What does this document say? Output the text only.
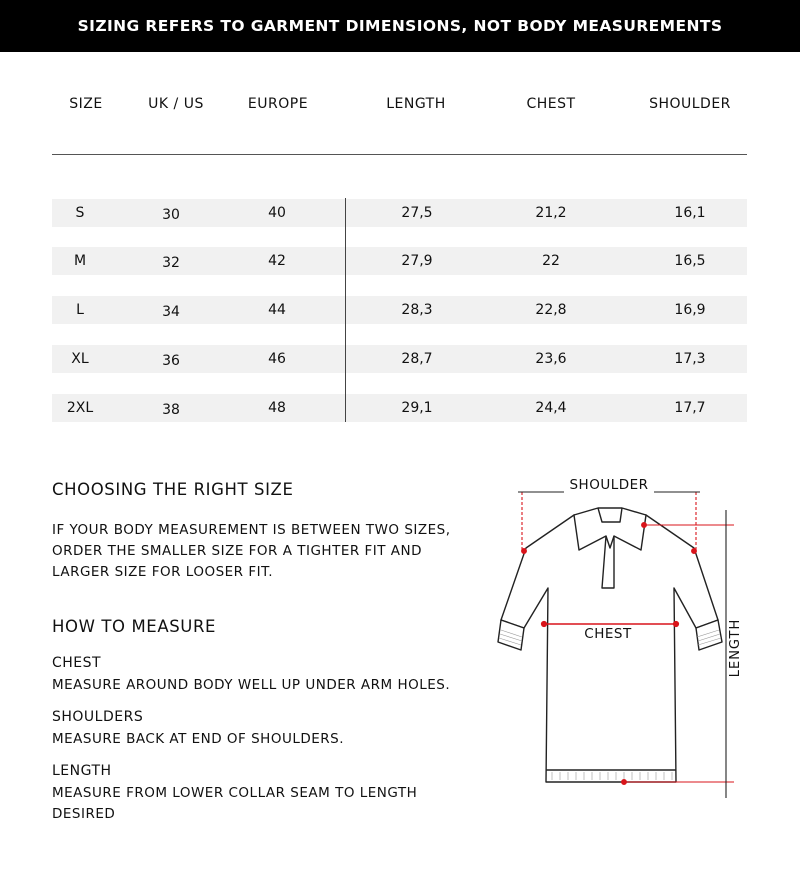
SIZING REFERS TO GARMENT DIMENSIONS, NOT BODY MEASUREMENTS
SIZE	UK / US	EUROPE	LENGTH	CHEST	SHOULDER
S	30	40	27,5	21,2	16,1
M	32	42	27,9	22	16,5
L	34	44	28,3	22,8	16,9
XL	36	46	28,7	23,6	17,3
2XL	38	48	29,1	24,4	17,7
CHOOSING THE RIGHT SIZE
IF YOUR BODY MEASUREMENT IS BETWEEN TWO SIZES,
ORDER THE SMALLER SIZE FOR A TIGHTER FIT AND
LARGER SIZE FOR LOOSER FIT.
HOW TO MEASURE
CHEST
MEASURE AROUND BODY WELL UP UNDER ARM HOLES.
SHOULDERS
MEASURE BACK AT END OF SHOULDERS.
LENGTH
MEASURE FROM LOWER COLLAR SEAM TO LENGTH
DESIRED
SHOULDER
CHEST	LENGTH
